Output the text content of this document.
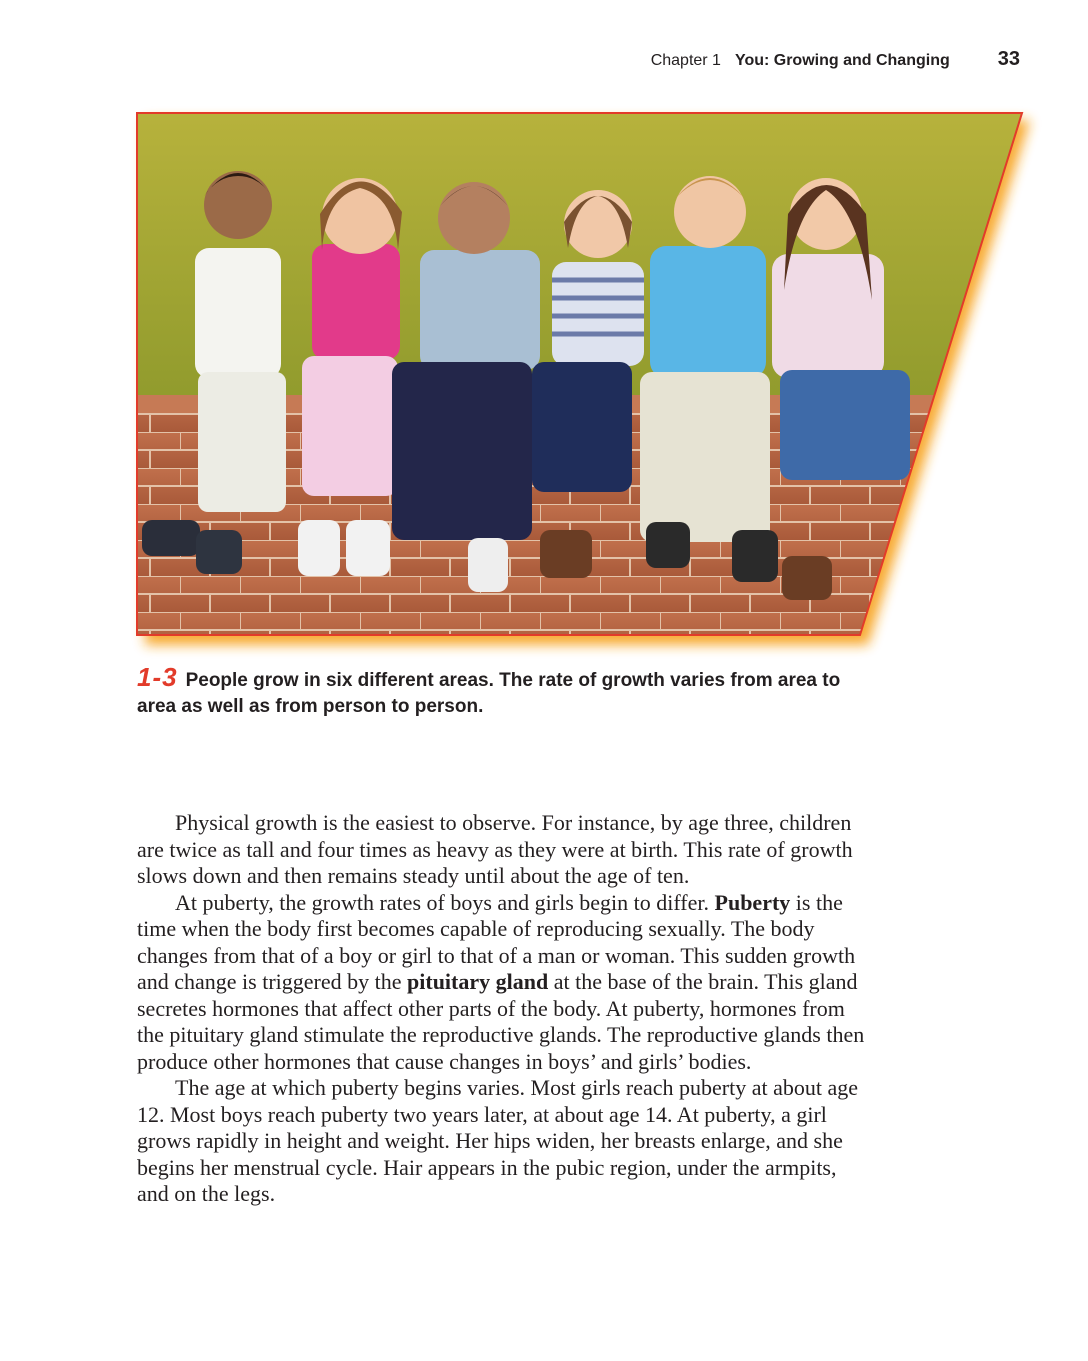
Chapter 1 You: Growing and Changing 33
1-3 People grow in six different areas. The rate of growth varies from area to area as well as from person to person.

Physical growth is the easiest to observe. For instance, by age three, children are twice as tall and four times as heavy as they were at birth. This rate of growth slows down and then remains steady until about the age of ten.

At puberty, the growth rates of boys and girls begin to differ. Puberty is the time when the body first becomes capable of reproducing sexually. The body changes from that of a boy or girl to that of a man or woman. This sudden growth and change is triggered by the pituitary gland at the base of the brain. This gland secretes hormones that affect other parts of the body. At puberty, hormones from the pituitary gland stimulate the reproductive glands. The reproductive glands then produce other hormones that cause changes in boys’ and girls’ bodies.

The age at which puberty begins varies. Most girls reach puberty at about age 12. Most boys reach puberty two years later, at about age 14. At puberty, a girl grows rapidly in height and weight. Her hips widen, her breasts enlarge, and she begins her menstrual cycle. Hair appears in the pubic region, under the armpits, and on the legs.
